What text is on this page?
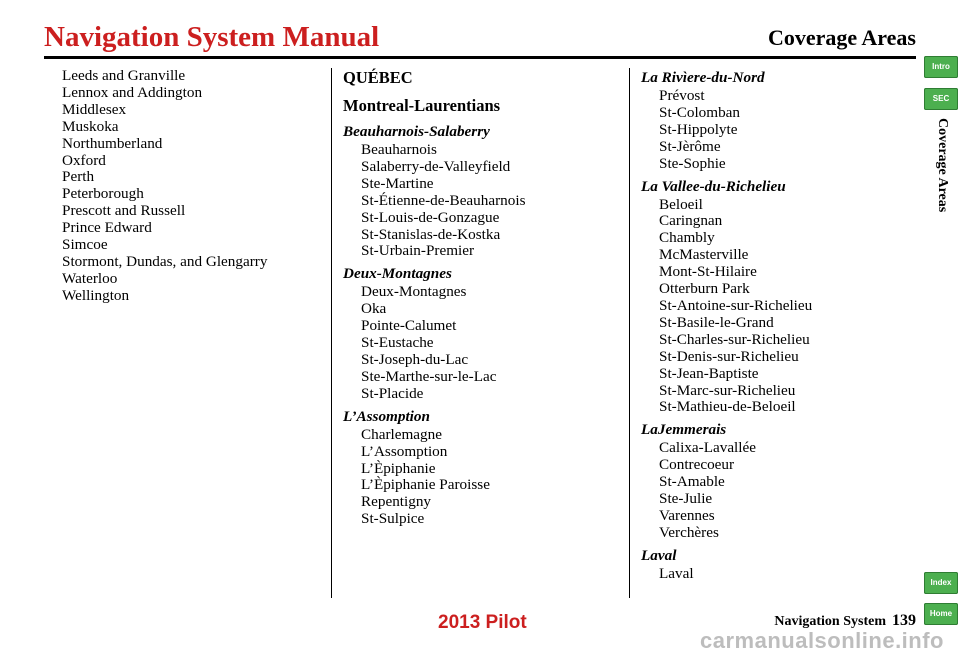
Navigation System Manual	Coverage Areas
Leeds and Granville
Lennox and Addington
Middlesex
Muskoka
Northumberland
Oxford
Perth
Peterborough
Prescott and Russell
Prince Edward
Simcoe
Stormont, Dundas, and Glengarry
Waterloo
Wellington
QUÉBEC
Montreal-Laurentians
Beauharnois-Salaberry
Beauharnois
Salaberry-de-Valleyfield
Ste-Martine
St-Étienne-de-Beauharnois
St-Louis-de-Gonzague
St-Stanislas-de-Kostka
St-Urbain-Premier
Deux-Montagnes
Deux-Montagnes
Oka
Pointe-Calumet
St-Eustache
St-Joseph-du-Lac
Ste-Marthe-sur-le-Lac
St-Placide
L’Assomption
Charlemagne
L’Assomption
L’Èpiphanie
L’Èpiphanie Paroisse
Repentigny
St-Sulpice
La Rivìere-du-Nord
Prévost
St-Colomban
St-Hippolyte
St-Jèrôme
Ste-Sophie
La Vallee-du-Richelieu
Beloeil
Caringnan
Chambly
McMasterville
Mont-St-Hilaire
Otterburn Park
St-Antoine-sur-Richelieu
St-Basile-le-Grand
St-Charles-sur-Richelieu
St-Denis-sur-Richelieu
St-Jean-Baptiste
St-Marc-sur-Richelieu
St-Mathieu-de-Beloeil
LaJemmerais
Calixa-Lavallée
Contrecoeur
St-Amable
Ste-Julie
Varennes
Verchères
Laval
Laval
Intro
SEC
Coverage Areas
Index
Home
Navigation System 139
2013 Pilot
carmanualsonline.info
